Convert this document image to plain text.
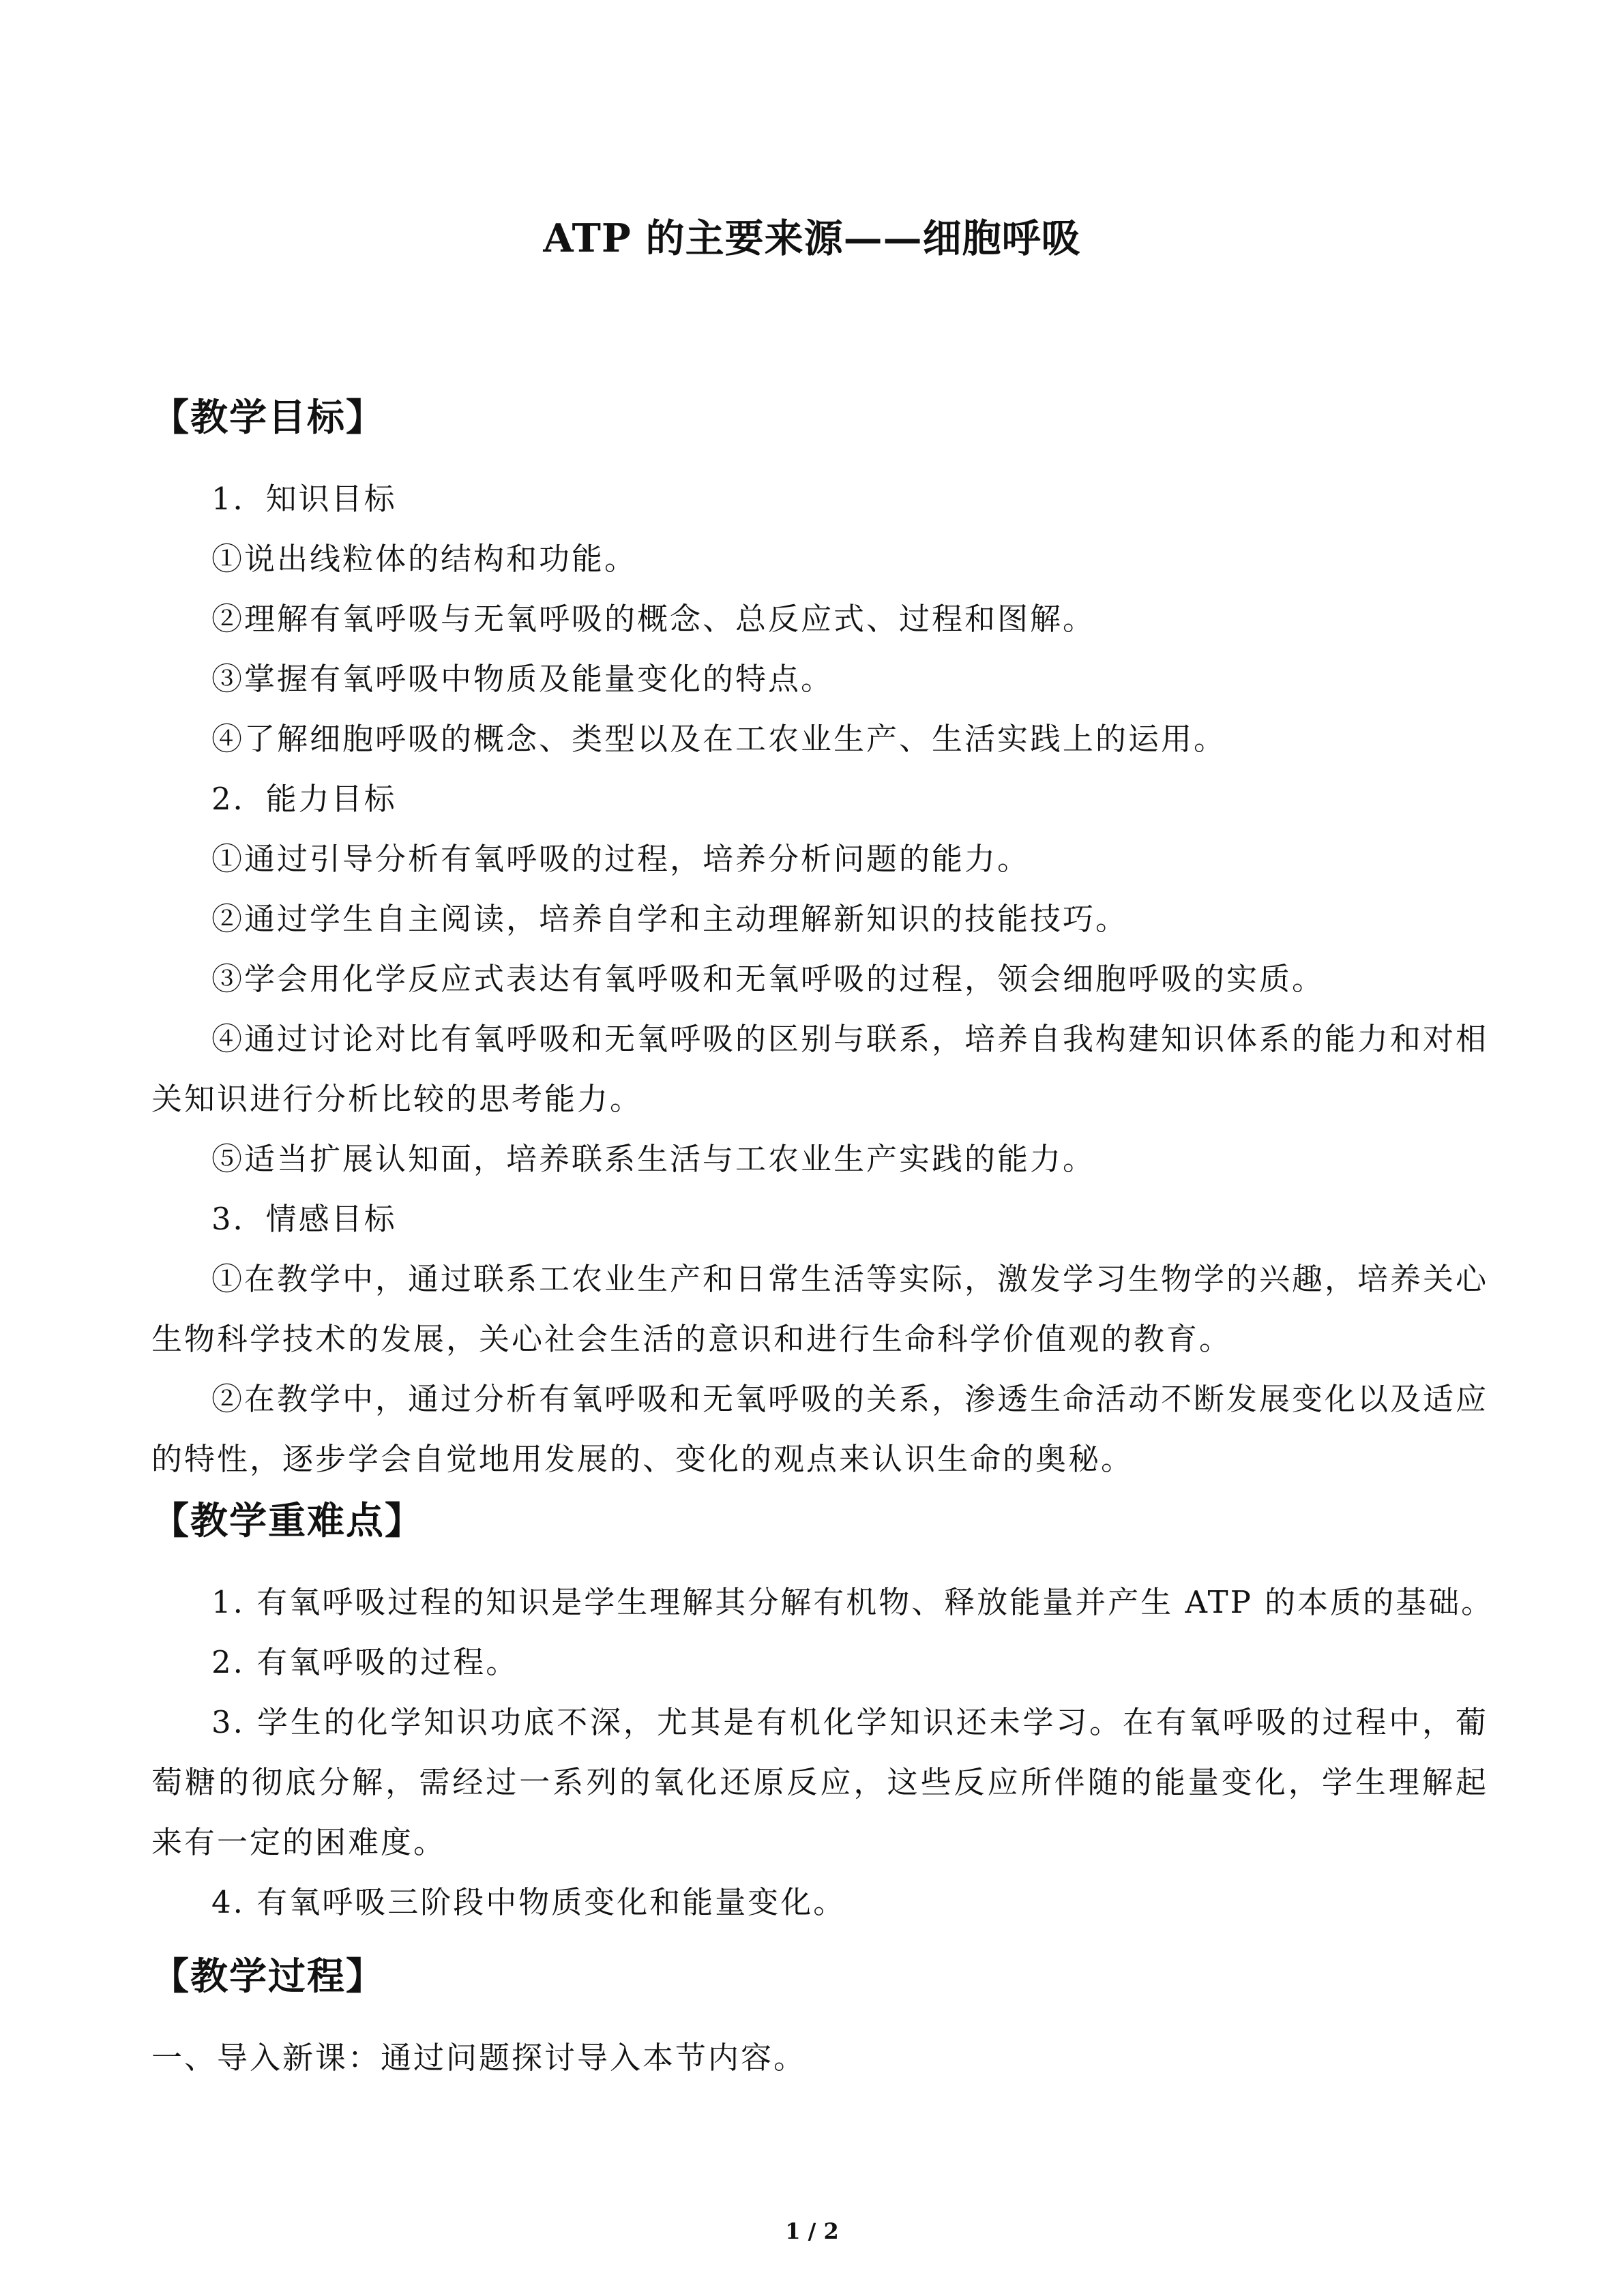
ATP 的主要来源——细胞呼吸
【教学目标】
1．知识目标
①说出线粒体的结构和功能。
②理解有氧呼吸与无氧呼吸的概念、总反应式、过程和图解。
③掌握有氧呼吸中物质及能量变化的特点。
④了解细胞呼吸的概念、类型以及在工农业生产、生活实践上的运用。
2．能力目标
①通过引导分析有氧呼吸的过程，培养分析问题的能力。
②通过学生自主阅读，培养自学和主动理解新知识的技能技巧。
③学会用化学反应式表达有氧呼吸和无氧呼吸的过程，领会细胞呼吸的实质。
④通过讨论对比有氧呼吸和无氧呼吸的区别与联系，培养自我构建知识体系的能力和对相关知识进行分析比较的思考能力。
⑤适当扩展认知面，培养联系生活与工农业生产实践的能力。
3．情感目标
①在教学中，通过联系工农业生产和日常生活等实际，激发学习生物学的兴趣，培养关心生物科学技术的发展，关心社会生活的意识和进行生命科学价值观的教育。
②在教学中，通过分析有氧呼吸和无氧呼吸的关系，渗透生命活动不断发展变化以及适应的特性，逐步学会自觉地用发展的、变化的观点来认识生命的奥秘。
【教学重难点】
1. 有氧呼吸过程的知识是学生理解其分解有机物、释放能量并产生 ATP 的本质的基础。
2. 有氧呼吸的过程。
3. 学生的化学知识功底不深，尤其是有机化学知识还未学习。在有氧呼吸的过程中，葡萄糖的彻底分解，需经过一系列的氧化还原反应，这些反应所伴随的能量变化，学生理解起来有一定的困难度。
4. 有氧呼吸三阶段中物质变化和能量变化。
【教学过程】
一、导入新课：通过问题探讨导入本节内容。
1 / 2
